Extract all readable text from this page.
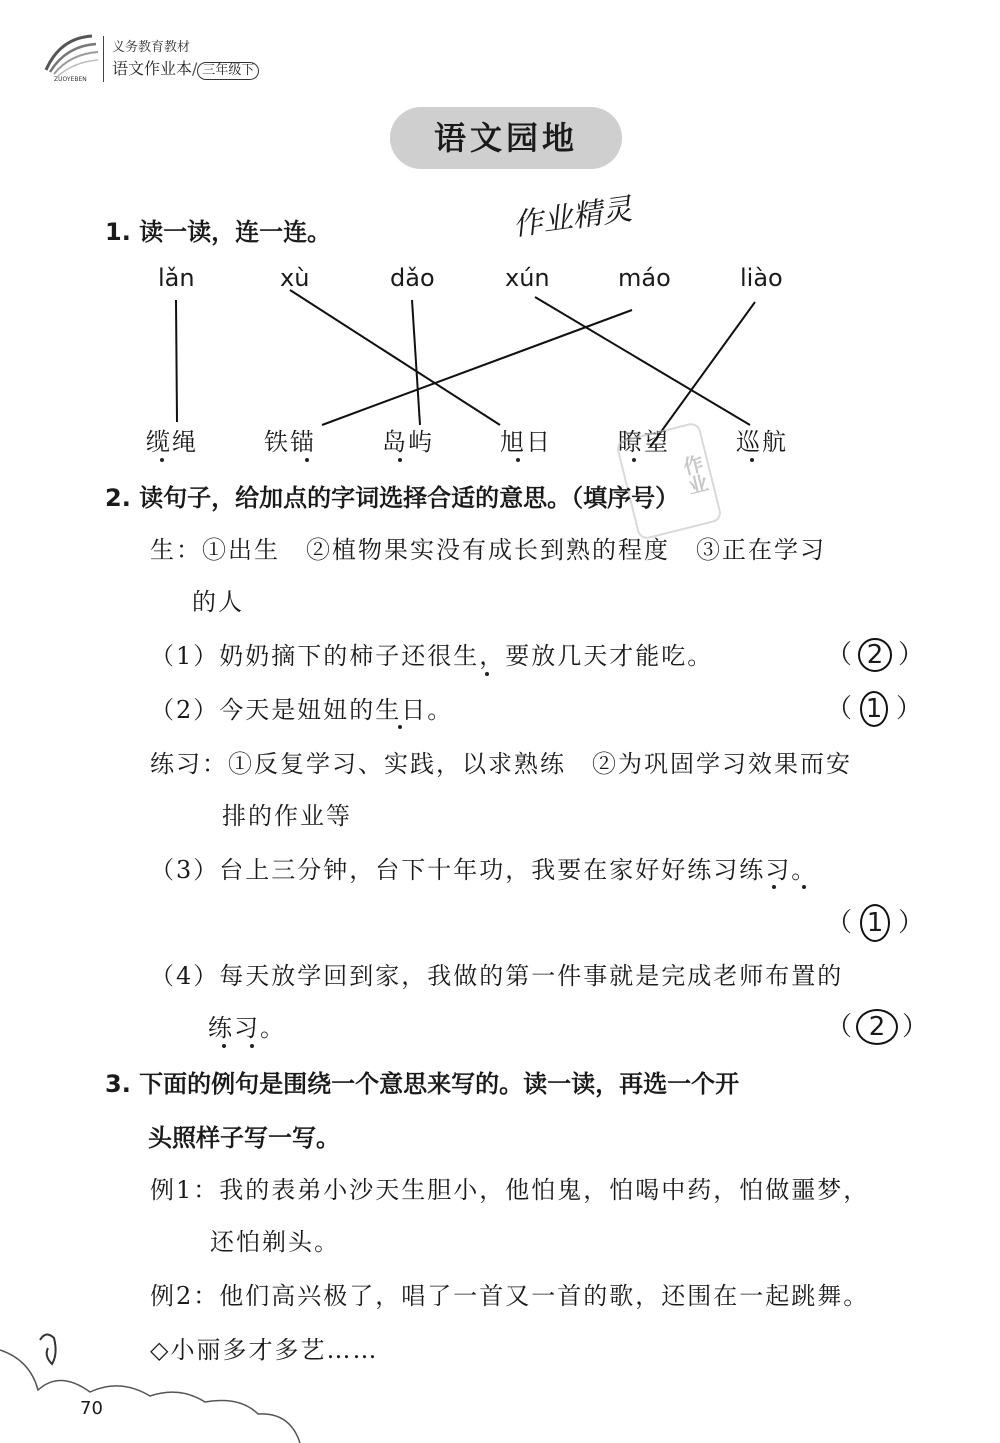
ZUOYEBEN
义务教育教材
语文作业本/ 三年级下
语文园地
作业精灵
1. 读一读，连一连。
lǎn	xù	dǎo	xún	máo	liào
缆绳	铁锚	岛屿	旭日	瞭望	巡航
作业
2. 读句子，给加点的字词选择合适的意思。（填序号）
生：①出生　②植物果实没有成长到熟的程度　③正在学习
的人
（1）奶奶摘下的柿子还很生，要放几天才能吃。	（ 2 ）
（2）今天是妞妞的生日。	（ 1 ）
练习：①反复学习、实践，以求熟练　②为巩固学习效果而安
排的作业等
（3）台上三分钟，台下十年功，我要在家好好练习练习。
（ 1 ）
（4）每天放学回到家，我做的第一件事就是完成老师布置的
练习。	（ 2 ）
3. 下面的例句是围绕一个意思来写的。读一读，再选一个开
头照样子写一写。
例1：我的表弟小沙天生胆小，他怕鬼，怕喝中药，怕做噩梦，
还怕剃头。
例2：他们高兴极了，唱了一首又一首的歌，还围在一起跳舞。
◇小丽多才多艺……
70
